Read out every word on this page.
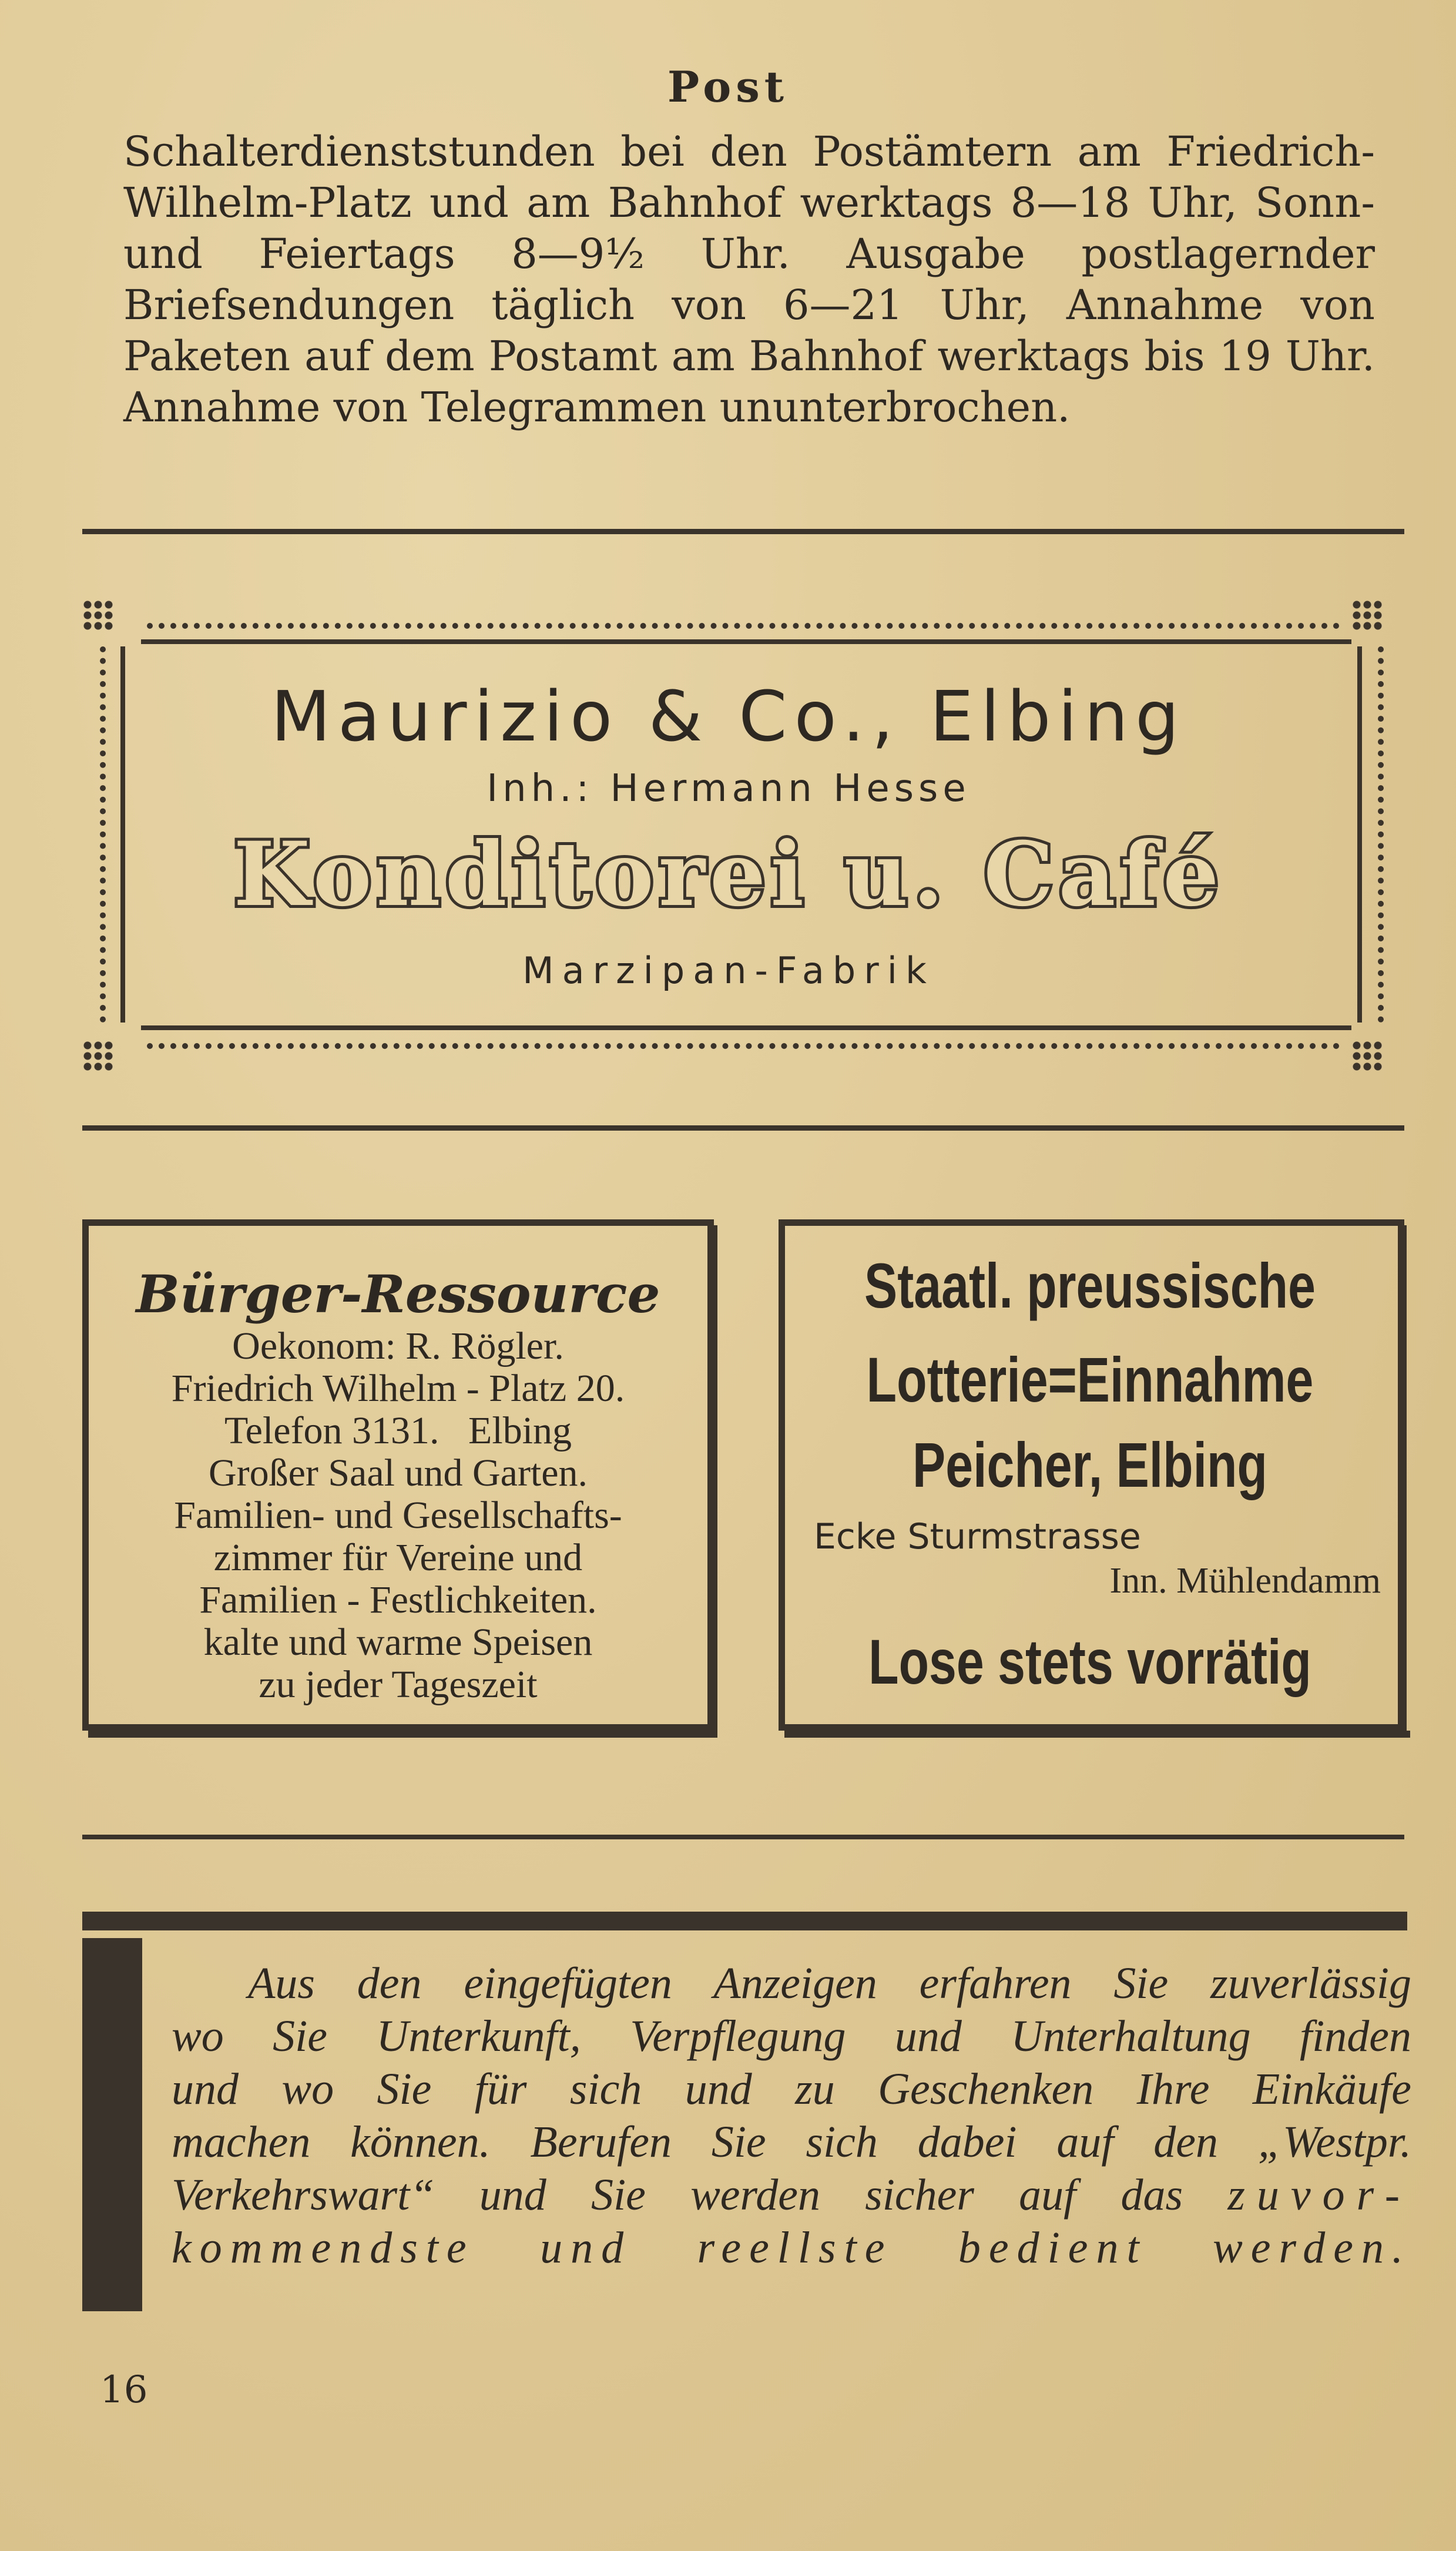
Post

Schalterdienststunden bei den Postämtern am Friedrich-Wilhelm-Platz und am Bahnhof werktags 8—18 Uhr, Sonn- und Feiertags 8—9½ Uhr. Ausgabe postlagernder Briefsendungen täglich von 6—21 Uhr, Annahme von Paketen auf dem Postamt am Bahnhof werktags bis 19 Uhr. Annahme von Telegrammen ununterbrochen.

Maurizio & Co., Elbing
Inh.: Hermann Hesse
Konditorei u. Café
Marzipan-Fabrik
Bürger-Ressource
Oekonom: R. Rögler.
Friedrich Wilhelm - Platz 20.
Telefon 3131.   Elbing
Großer Saal und Garten.
Familien- und Gesellschafts-
zimmer für Vereine und
Familien - Festlichkeiten.
kalte und warme Speisen
zu jeder Tageszeit
Staatl. preussische
Lotterie=Einnahme
Peicher, Elbing
Ecke Sturmstrasse
Inn. Mühlendamm
Lose stets vorrätig
Aus den eingefügten Anzeigen erfahren Sie zuverlässig
wo Sie Unterkunft, Verpflegung und Unterhaltung finden
und wo Sie für sich und zu Geschenken Ihre Einkäufe
machen können. Berufen Sie sich dabei auf den „Westpr.
Verkehrswart“ und Sie werden sicher auf das zuvor-
kommendste und reellste bedient werden.
16
